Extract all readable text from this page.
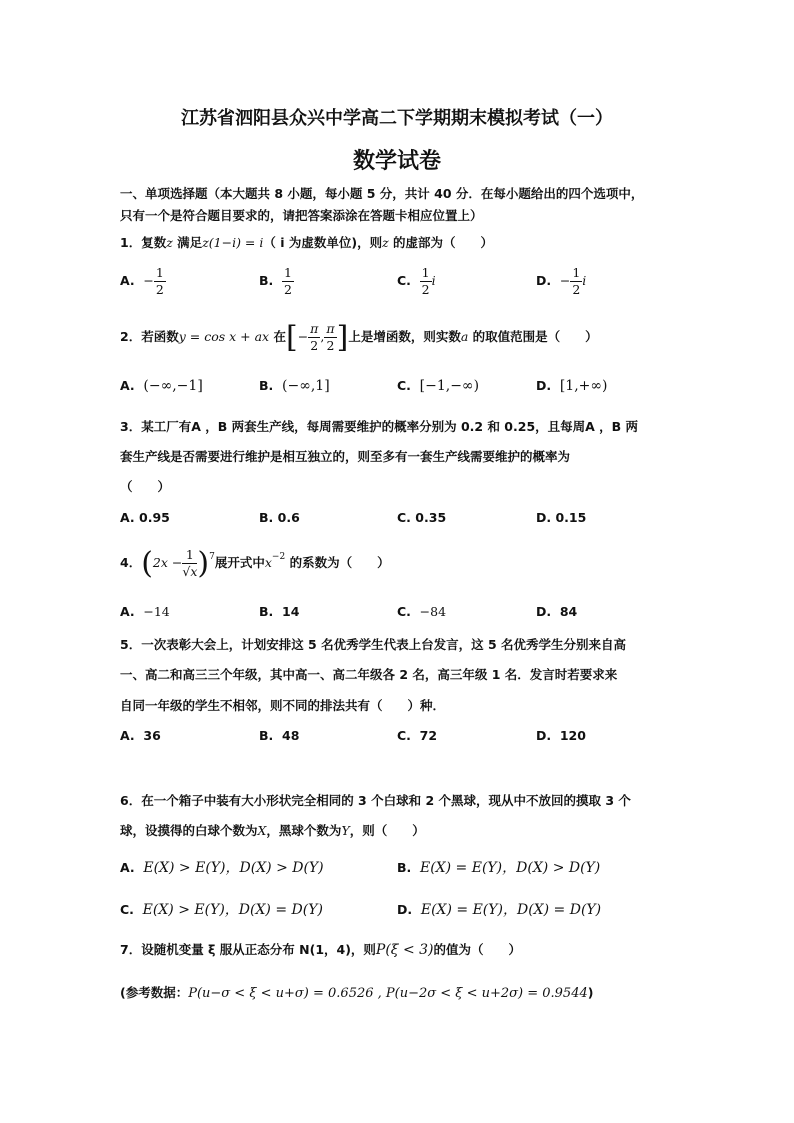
江苏省泗阳县众兴中学高二下学期期末模拟考试（一）
数学试卷
一、单项选择题（本大题共 8 小题，每小题 5 分，共计 40 分．在每小题给出的四个选项中，
只有一个是符合题目要求的，请把答案添涂在答题卡相应位置上）
1．复数z 满足z(1−i) = i（ i 为虚数单位)，则z 的虚部为（　　）
A. − $\frac{1}{2}$	B. $\frac{1}{2}$	C. $\frac{1}{2}$ i	D. − $\frac{1}{2}$ i
2．若函数y = cos x + ax 在[− $\frac{\pi}{2}$ , $\frac{\pi}{2}$ ]上是增函数，则实数a 的取值范围是（　　）
A. (−∞,−1]	B. (−∞,1]	C. [−1,−∞)	D. [1,+∞)
3．某工厂有A ，B 两套生产线，每周需要维护的概率分别为 0.2 和 0.25，且每周A ，B 两
套生产线是否需要进行维护是相互独立的，则至多有一套生产线需要维护的概率为
（　　）
A. 0.95	B. 0.6	C. 0.35	D. 0.15
4．$(2x - \frac{1}{√x} )^7$展开式中$x^{-2}$ 的系数为（　　）
A. −14	B. 14	C. −84	D. 84
5．一次表彰大会上，计划安排这 5 名优秀学生代表上台发言，这 5 名优秀学生分别来自高
一、高二和高三三个年级，其中高一、高二年级各 2 名，高三年级 1 名．发言时若要求来
自同一年级的学生不相邻，则不同的排法共有（　　）种．
A. 36	B. 48	C. 72	D. 120
6．在一个箱子中装有大小形状完全相同的 3 个白球和 2 个黑球，现从中不放回的摸取 3 个
球，设摸得的白球个数为X，黑球个数为Y，则（　　）
A. E(X) > E(Y)，D(X) > D(Y)	B. E(X) = E(Y)，D(X) > D(Y)
C. E(X) > E(Y)，D(X) = D(Y)	D. E(X) = E(Y)，D(X) = D(Y)
7．设随机变量 ξ 服从正态分布 N(1，4)，则P(ξ < 3)的值为（　　）
(参考数据：P(u−σ < ξ < u+σ) = 0.6526 , P(u−2σ < ξ < u+2σ) = 0.9544)
